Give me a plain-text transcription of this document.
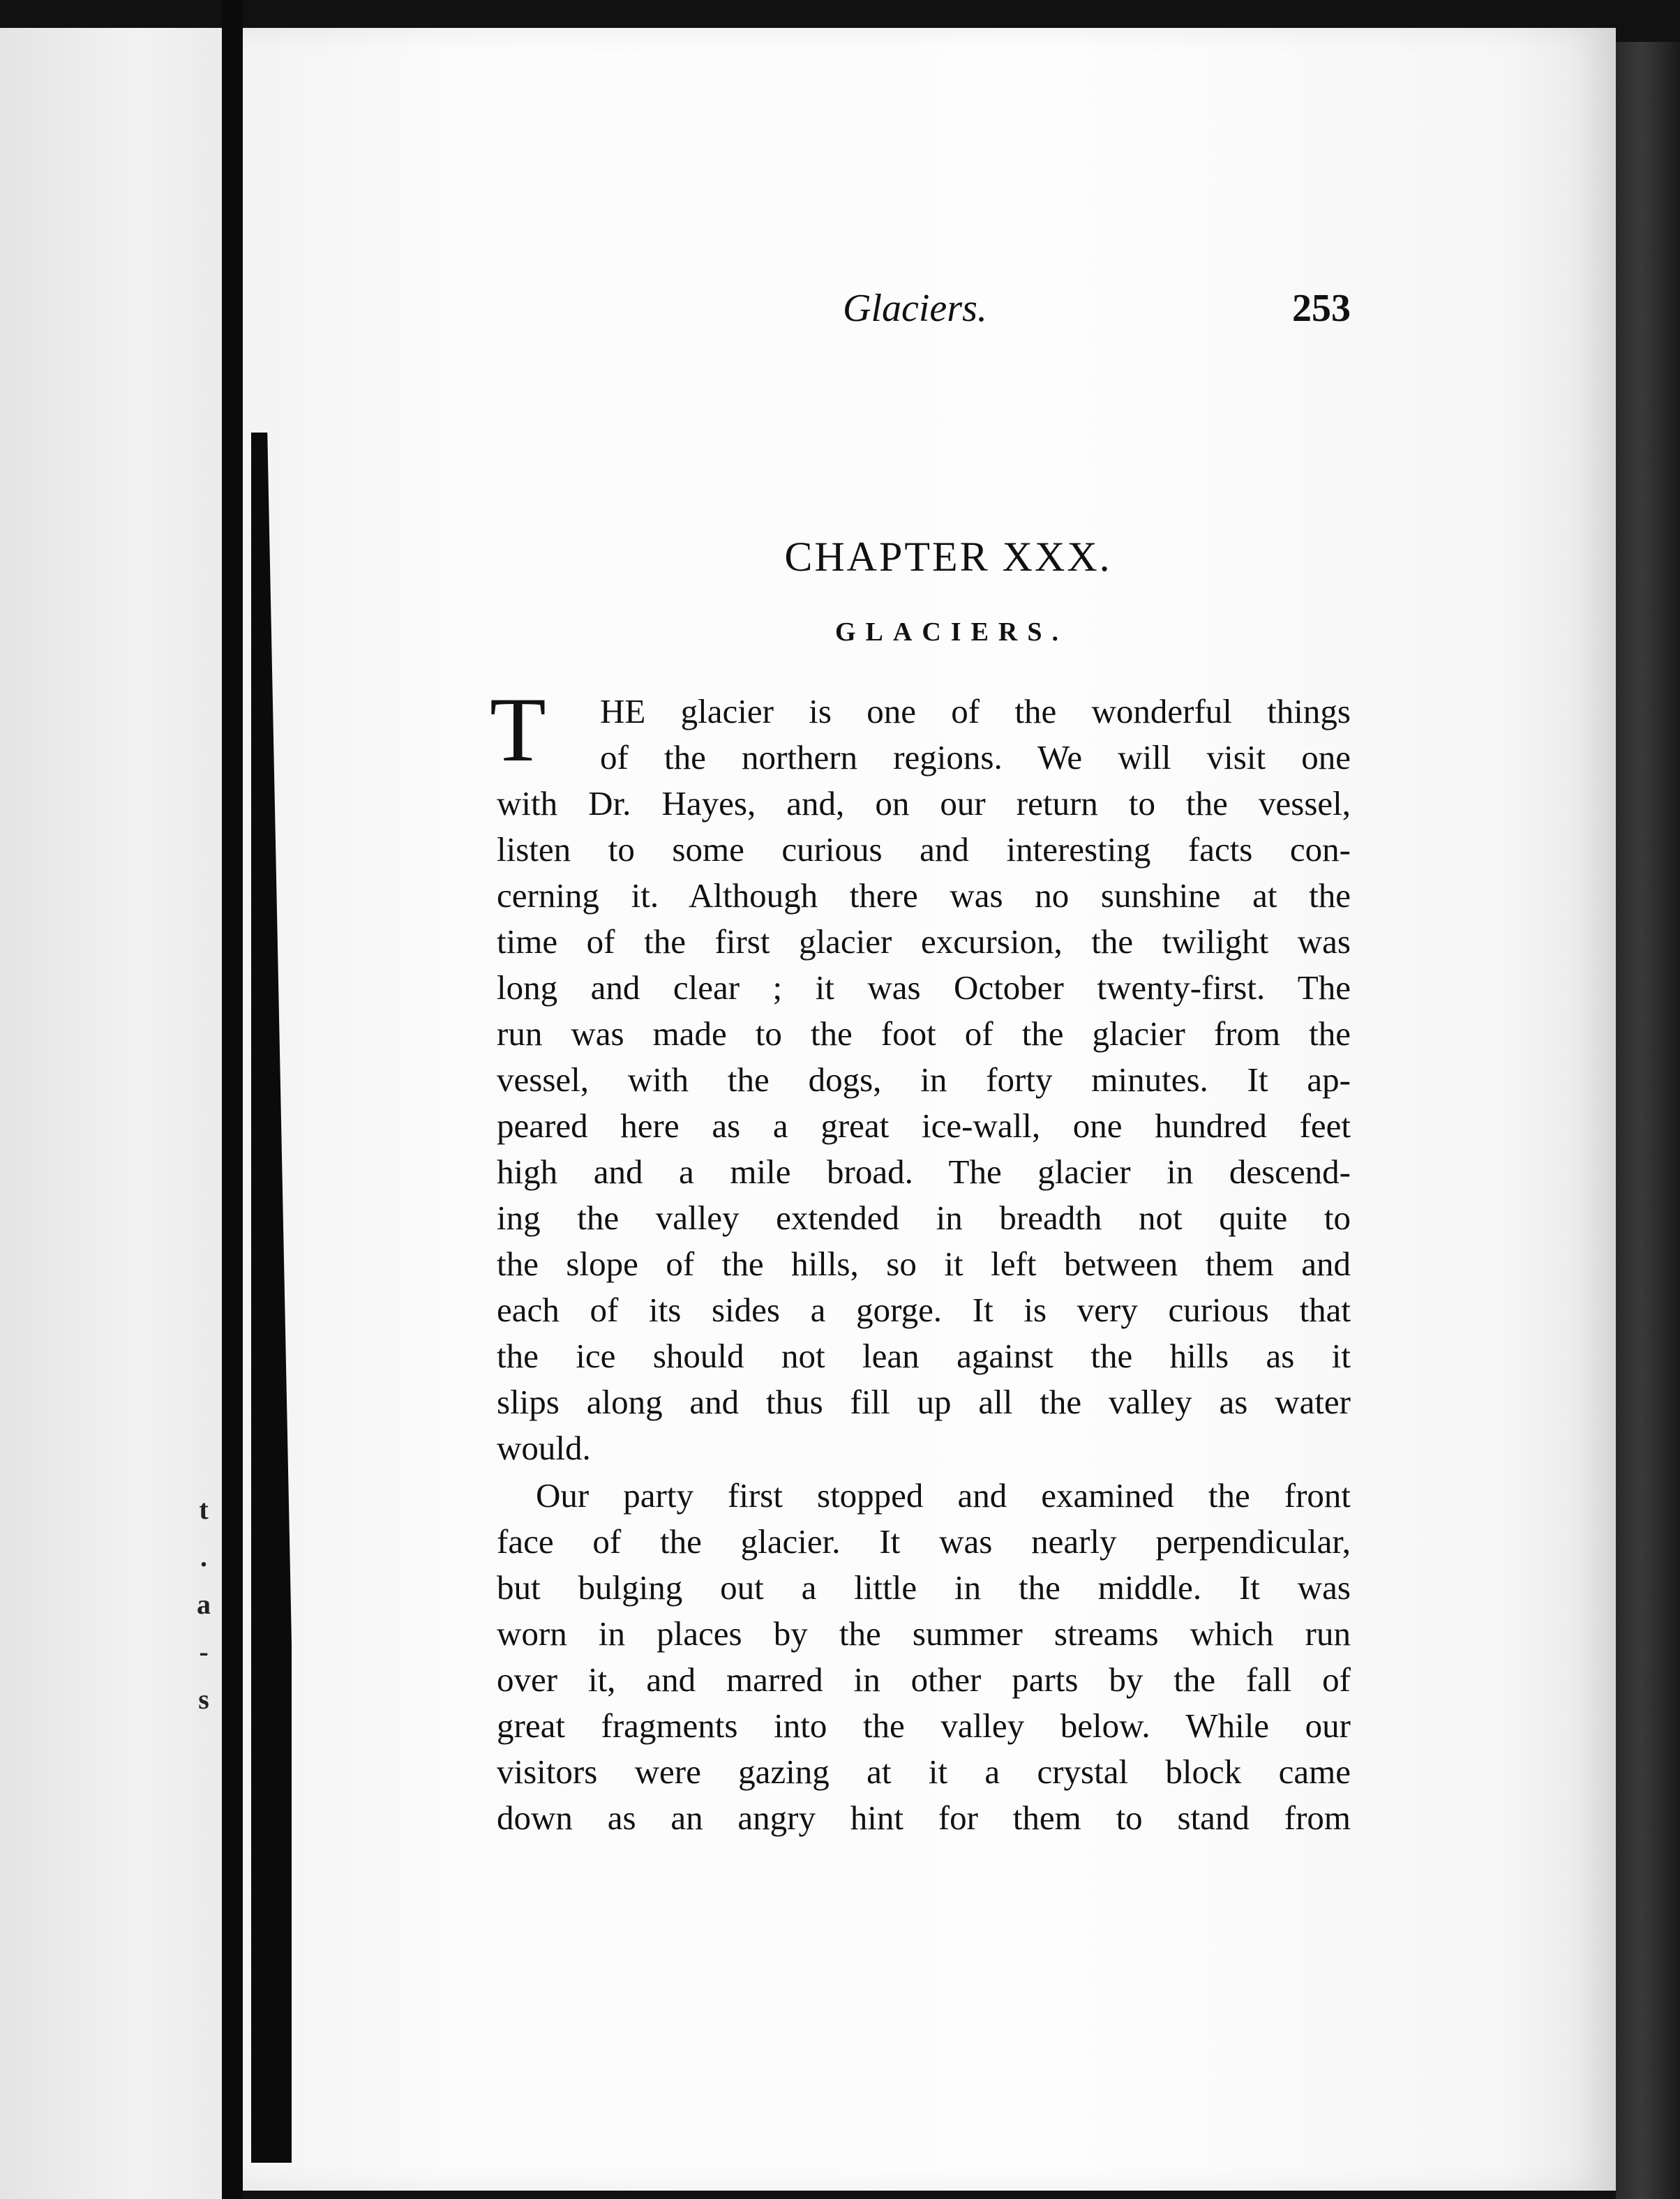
t
.
a
-
s
Glaciers.	253
CHAPTER XXX.
GLACIERS.
T	HE glacier is one of the wonderful things
of the northern regions. We will visit one
with Dr. Hayes, and, on our return to the vessel,
listen to some curious and interesting facts con-
cerning it. Although there was no sunshine at the
time of the first glacier excursion, the twilight was
long and clear ; it was October twenty-first. The
run was made to the foot of the glacier from the
vessel, with the dogs, in forty minutes. It ap-
peared here as a great ice-wall, one hundred feet
high and a mile broad. The glacier in descend-
ing the valley extended in breadth not quite to
the slope of the hills, so it left between them and
each of its sides a gorge. It is very curious that
the ice should not lean against the hills as it
slips along and thus fill up all the valley as water
would.
Our party first stopped and examined the front
face of the glacier. It was nearly perpendicular,
but bulging out a little in the middle. It was
worn in places by the summer streams which run
over it, and marred in other parts by the fall of
great fragments into the valley below. While our
visitors were gazing at it a crystal block came
down as an angry hint for them to stand from
